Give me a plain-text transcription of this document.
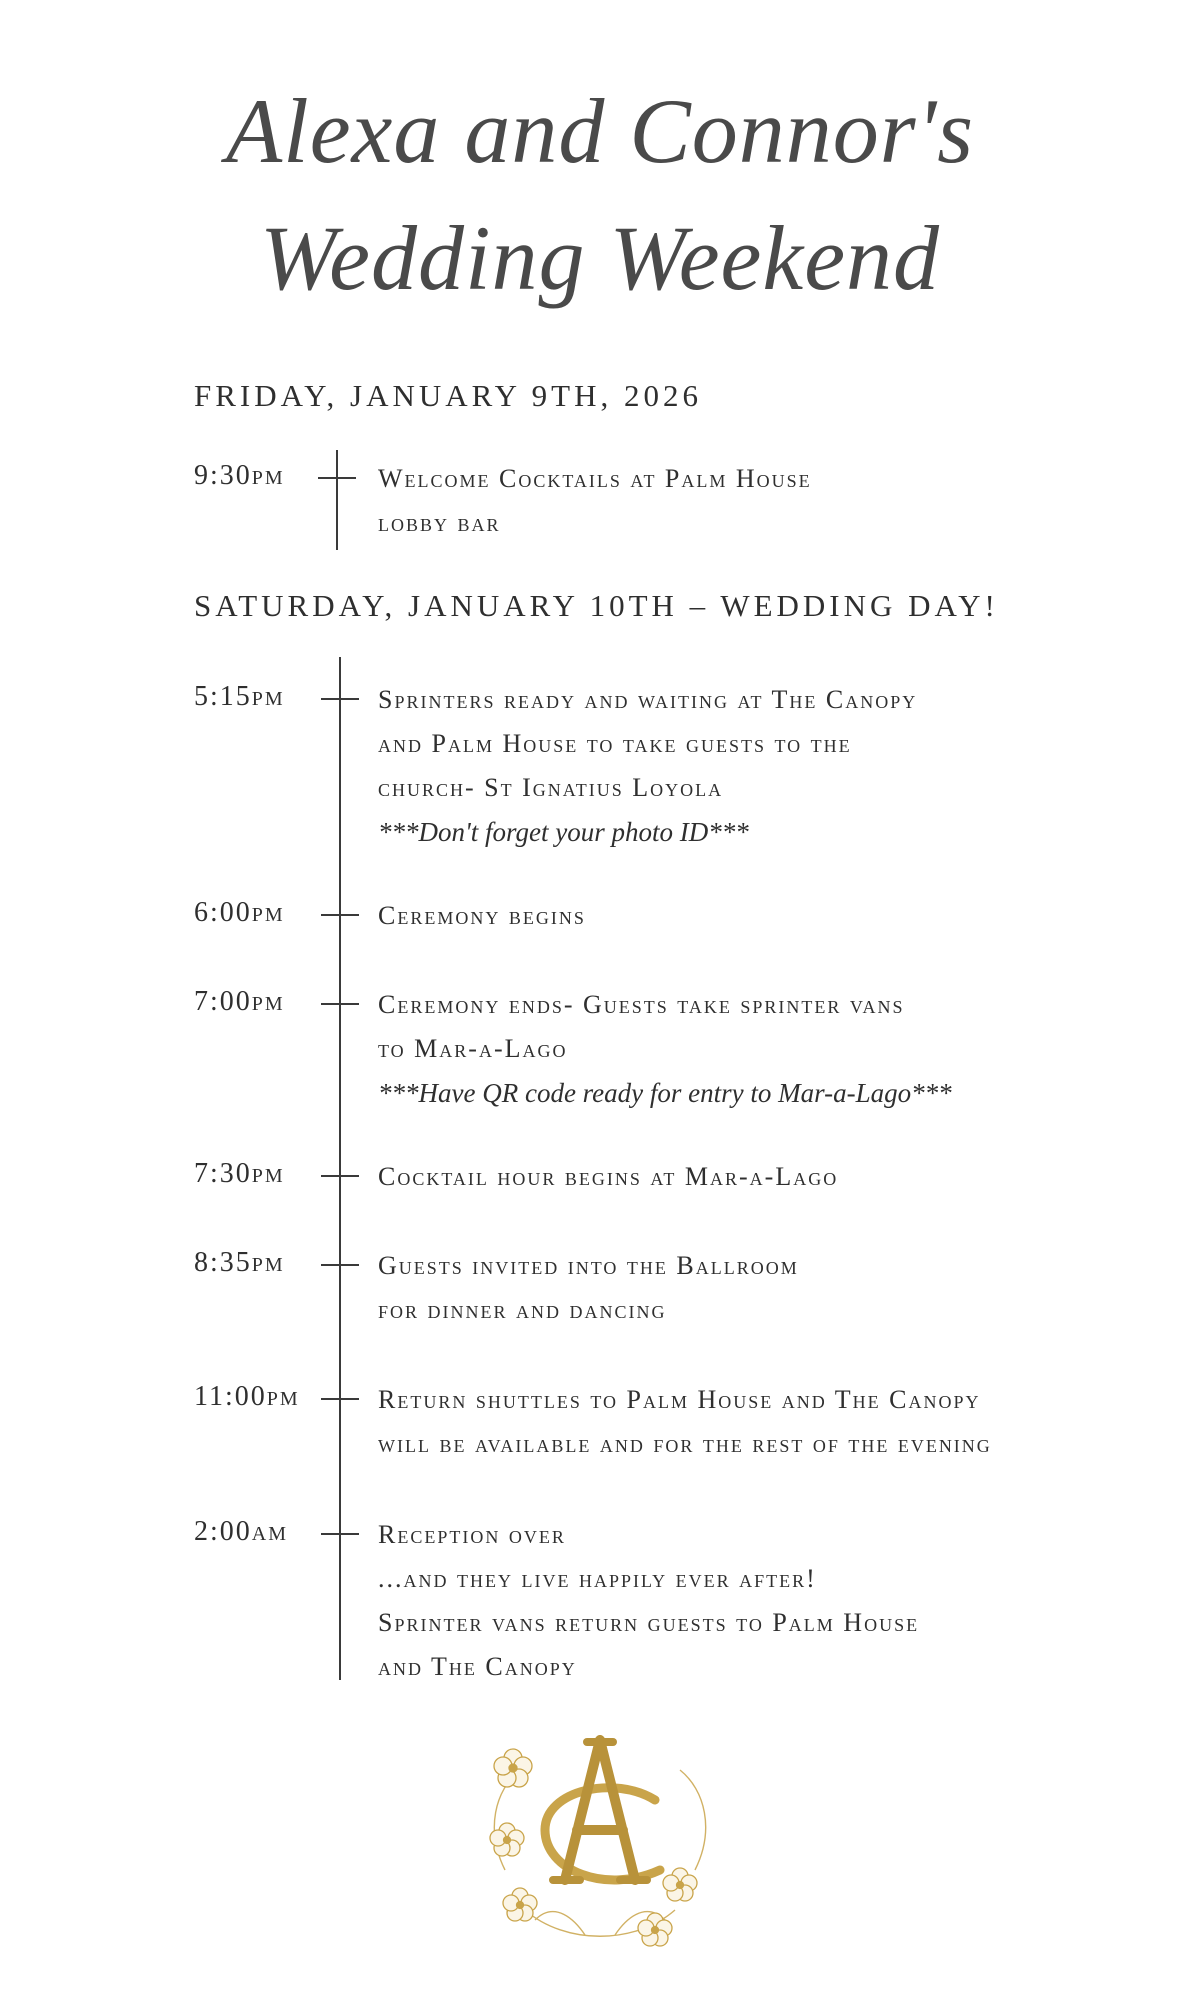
Alexa and Connor's
Wedding Weekend
FRIDAY, JANUARY 9TH, 2026
9:30pm	Welcome Cocktails at Palm House
lobby bar
SATURDAY, JANUARY 10TH – WEDDING DAY!
5:15pm	Sprinters ready and waiting at The Canopy
and Palm House to take guests to the
church- St Ignatius Loyola
***Don't forget your photo ID***
6:00pm	Ceremony begins
7:00pm	Ceremony ends- Guests take sprinter vans
to Mar-a-Lago
***Have QR code ready for entry to Mar-a-Lago***
7:30pm	Cocktail hour begins at Mar-a-Lago
8:35pm	Guests invited into the Ballroom
for dinner and dancing
11:00pm	Return shuttles to Palm House and The Canopy
will be available and for the rest of the evening
2:00am	Reception over
...and they live happily ever after!
Sprinter vans return guests to Palm House
and The Canopy
